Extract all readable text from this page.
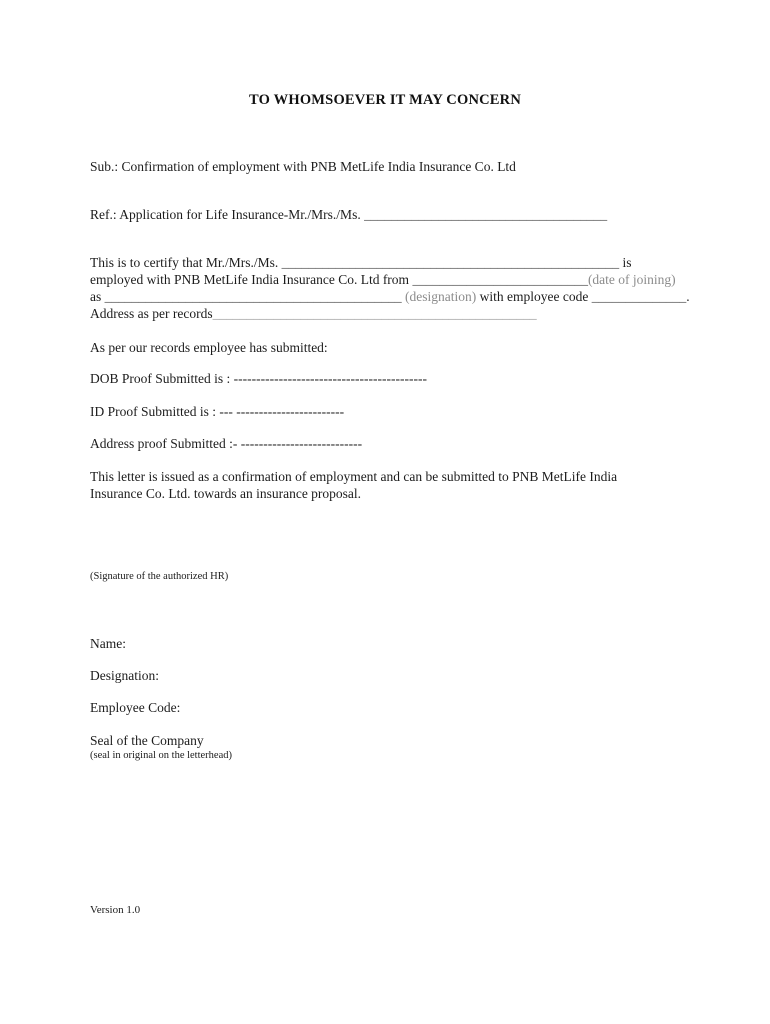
TO WHOMSOEVER IT MAY CONCERN
Sub.: Confirmation of employment with PNB MetLife India Insurance Co. Ltd
Ref.: Application for Life Insurance-Mr./Mrs./Ms. ____________________________________
This is to certify that Mr./Mrs./Ms. __________________________________________________ is
employed with PNB MetLife India Insurance Co. Ltd from __________________________(date of joining)
as ____________________________________________ (designation) with employee code ______________.
Address as per records________________________________________________
As per our records employee has submitted:
DOB Proof Submitted is : -------------------------------------------
ID Proof Submitted is : --- ------------------------
Address proof Submitted :- ---------------------------
This letter is issued as a confirmation of employment and can be submitted to PNB MetLife India
Insurance Co. Ltd. towards an insurance proposal.
(Signature of the authorized HR)
Name:
Designation:
Employee Code:
Seal of the Company
(seal in original on the letterhead)
Version 1.0
